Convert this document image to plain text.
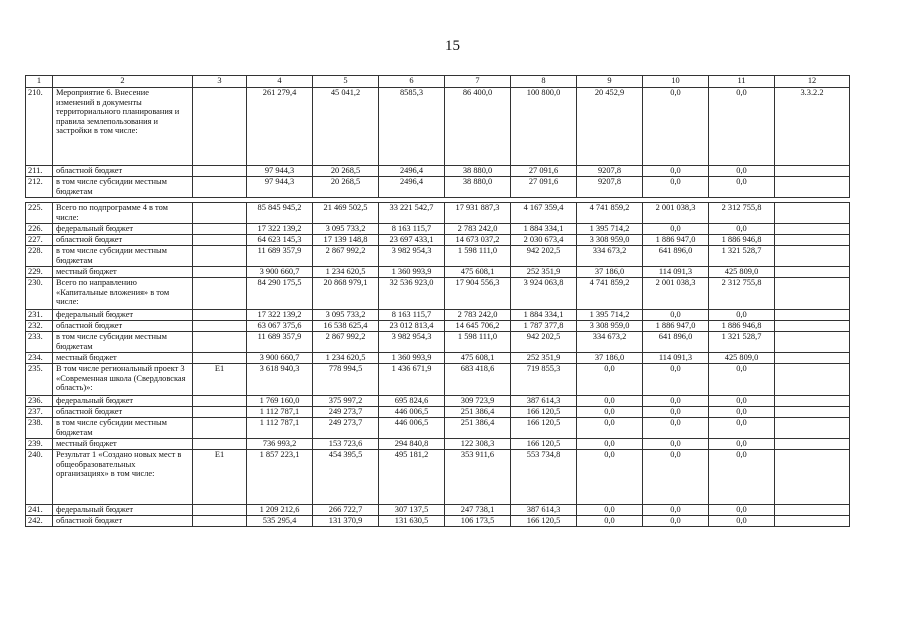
15
1	2	3	4	5	6	7	8	9	10	11	12
210.	Мероприятие 6. Внесение изменений в документы территориального планирования и правила землепользования и застройки в том числе:		261 279,4	45 041,2	8585,3	86 400,0	100 800,0	20 452,9	0,0	0,0	3.3.2.2
211.	областной бюджет		97 944,3	20 268,5	2496,4	38 880,0	27 091,6	9207,8	0,0	0,0	
212.	в том числе субсидии местным бюджетам		97 944,3	20 268,5	2496,4	38 880,0	27 091,6	9207,8	0,0	0,0	

225.	Всего по подпрограмме 4 в том числе:		85 845 945,2	21 469 502,5	33 221 542,7	17 931 887,3	4 167 359,4	4 741 859,2	2 001 038,3	2 312 755,8	
226.	федеральный бюджет		17 322 139,2	3 095 733,2	8 163 115,7	2 783 242,0	1 884 334,1	1 395 714,2	0,0	0,0	
227.	областной бюджет		64 623 145,3	17 139 148,8	23 697 433,1	14 673 037,2	2 030 673,4	3 308 959,0	1 886 947,0	1 886 946,8	
228.	в том числе субсидии местным бюджетам		11 689 357,9	2 867 992,2	3 982 954,3	1 598 111,0	942 202,5	334 673,2	641 896,0	1 321 528,7	
229.	местный бюджет		3 900 660,7	1 234 620,5	1 360 993,9	475 608,1	252 351,9	37 186,0	114 091,3	425 809,0	
230.	Всего по направлению «Капитальные вложения» в том числе:		84 290 175,5	20 868 979,1	32 536 923,0	17 904 556,3	3 924 063,8	4 741 859,2	2 001 038,3	2 312 755,8	
231.	федеральный бюджет		17 322 139,2	3 095 733,2	8 163 115,7	2 783 242,0	1 884 334,1	1 395 714,2	0,0	0,0	
232.	областной бюджет		63 067 375,6	16 538 625,4	23 012 813,4	14 645 706,2	1 787 377,8	3 308 959,0	1 886 947,0	1 886 946,8	
233.	в том числе субсидии местным бюджетам		11 689 357,9	2 867 992,2	3 982 954,3	1 598 111,0	942 202,5	334 673,2	641 896,0	1 321 528,7	
234.	местный бюджет		3 900 660,7	1 234 620,5	1 360 993,9	475 608,1	252 351,9	37 186,0	114 091,3	425 809,0	
235.	В том числе региональный проект 3 «Современная школа (Свердловская область)»:	Е1	3 618 940,3	778 994,5	1 436 671,9	683 418,6	719 855,3	0,0	0,0	0,0	
236.	федеральный бюджет		1 769 160,0	375 997,2	695 824,6	309 723,9	387 614,3	0,0	0,0	0,0	
237.	областной бюджет		1 112 787,1	249 273,7	446 006,5	251 386,4	166 120,5	0,0	0,0	0,0	
238.	в том числе субсидии местным бюджетам		1 112 787,1	249 273,7	446 006,5	251 386,4	166 120,5	0,0	0,0	0,0	
239.	местный бюджет		736 993,2	153 723,6	294 840,8	122 308,3	166 120,5	0,0	0,0	0,0	
240.	Результат 1 «Создано новых мест в общеобразовательных организациях» в том числе:	Е1	1 857 223,1	454 395,5	495 181,2	353 911,6	553 734,8	0,0	0,0	0,0	
241.	федеральный бюджет		1 209 212,6	266 722,7	307 137,5	247 738,1	387 614,3	0,0	0,0	0,0	
242.	областной бюджет		535 295,4	131 370,9	131 630,5	106 173,5	166 120,5	0,0	0,0	0,0	
